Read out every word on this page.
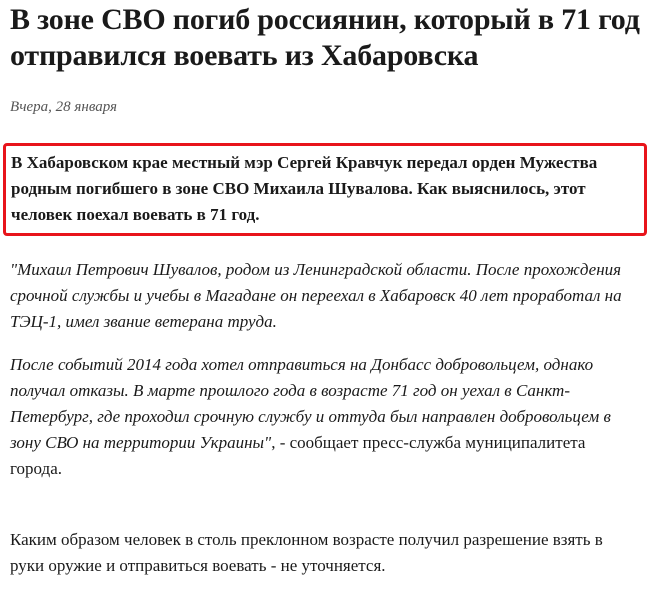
В зоне СВО погиб россиянин, который в 71 год отправился воевать из Хабаровска
Вчера, 28 января
В Хабаровском крае местный мэр Сергей Кравчук передал орден Мужества родным погибшего в зоне СВО Михаила Шувалова. Как выяснилось, этот человек поехал воевать в 71 год.

"Михаил Петрович Шувалов, родом из Ленинградской области. После прохождения срочной службы и учебы в Магадане он переехал в Хабаровск 40 лет проработал на ТЭЦ-1, имел звание ветерана труда.

После событий 2014 года хотел отправиться на Донбасс добровольцем, однако получал отказы. В марте прошлого года в возрасте 71 год он уехал в Санкт-Петербург, где проходил срочную службу и оттуда был направлен добровольцем в зону СВО на территории Украины", - сообщает пресс-служба муниципалитета города.

Каким образом человек в столь преклонном возрасте получил разрешение взять в руки оружие и отправиться воевать - не уточняется.
